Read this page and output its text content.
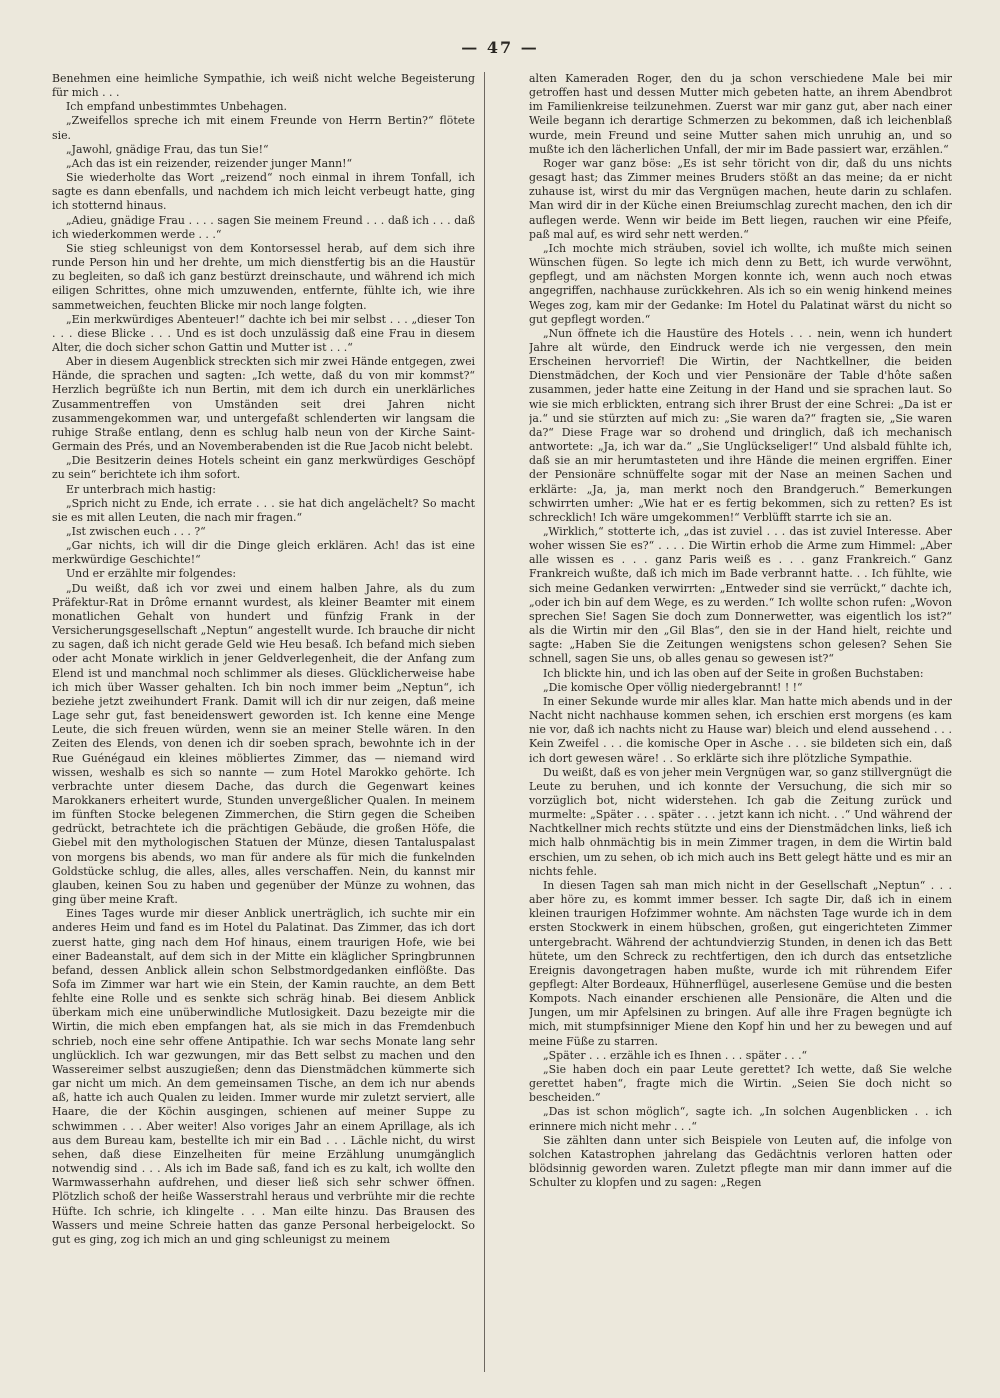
— 47 —

Benehmen eine heimliche Sympathie, ich weiß nicht welche Begeisterung für mich . . .

Ich empfand unbestimmtes Unbehagen.

„Zweifellos spreche ich mit einem Freunde von Herrn Bertin?“ flötete sie.

„Jawohl, gnädige Frau, das tun Sie!“

„Ach das ist ein reizender, reizender junger Mann!“

Sie wiederholte das Wort „reizend“ noch einmal in ihrem Tonfall, ich sagte es dann ebenfalls, und nachdem ich mich leicht verbeugt hatte, ging ich stotternd hinaus.

„Adieu, gnädige Frau . . . . sagen Sie meinem Freund . . . daß ich . . . daß ich wiederkommen werde . . .“

Sie stieg schleunigst von dem Kontorsessel herab, auf dem sich ihre runde Person hin und her drehte, um mich dienstfertig bis an die Haustür zu begleiten, so daß ich ganz bestürzt dreinschaute, und während ich mich eiligen Schrittes, ohne mich umzuwenden, entfernte, fühlte ich, wie ihre sammetweichen, feuchten Blicke mir noch lange folgten.

„Ein merkwürdiges Abenteuer!“ dachte ich bei mir selbst . . . „dieser Ton . . . diese Blicke . . . Und es ist doch unzulässig daß eine Frau in diesem Alter, die doch sicher schon Gattin und Mutter ist . . .“

Aber in diesem Augenblick streckten sich mir zwei Hände entgegen, zwei Hände, die sprachen und sagten: „Ich wette, daß du von mir kommst?“ Herzlich begrüßte ich nun Bertin, mit dem ich durch ein unerklärliches Zusammentreffen von Umständen seit drei Jahren nicht zusammengekommen war, und untergefaßt schlenderten wir langsam die ruhige Straße entlang, denn es schlug halb neun von der Kirche Saint-Germain des Prés, und an Novemberabenden ist die Rue Jacob nicht belebt.

„Die Besitzerin deines Hotels scheint ein ganz merkwürdiges Geschöpf zu sein“ berichtete ich ihm sofort.

Er unterbrach mich hastig:

„Sprich nicht zu Ende, ich errate . . . sie hat dich angelächelt? So macht sie es mit allen Leuten, die nach mir fragen.“

„Ist zwischen euch . . . ?“

„Gar nichts, ich will dir die Dinge gleich erklären. Ach! das ist eine merkwürdige Geschichte!“

Und er erzählte mir folgendes:

„Du weißt, daß ich vor zwei und einem halben Jahre, als du zum Präfektur-Rat in Drôme ernannt wurdest, als kleiner Beamter mit einem monatlichen Gehalt von hundert und fünfzig Frank in der Versicherungsgesellschaft „Neptun“ angestellt wurde. Ich brauche dir nicht zu sagen, daß ich nicht gerade Geld wie Heu besaß. Ich befand mich sieben oder acht Monate wirklich in jener Geldverlegenheit, die der Anfang zum Elend ist und manchmal noch schlimmer als dieses. Glücklicherweise habe ich mich über Wasser gehalten. Ich bin noch immer beim „Neptun“, ich beziehe jetzt zweihundert Frank. Damit will ich dir nur zeigen, daß meine Lage sehr gut, fast beneidenswert geworden ist. Ich kenne eine Menge Leute, die sich freuen würden, wenn sie an meiner Stelle wären. In den Zeiten des Elends, von denen ich dir soeben sprach, bewohnte ich in der Rue Guénégaud ein kleines möbliertes Zimmer, das — niemand wird wissen, weshalb es sich so nannte — zum Hotel Marokko gehörte. Ich verbrachte unter diesem Dache, das durch die Gegenwart keines Marokkaners erheitert wurde, Stunden unvergeßlicher Qualen. In meinem im fünften Stocke belegenen Zimmerchen, die Stirn gegen die Scheiben gedrückt, betrachtete ich die prächtigen Gebäude, die großen Höfe, die Giebel mit den mythologischen Statuen der Münze, diesen Tantaluspalast von morgens bis abends, wo man für andere als für mich die funkelnden Goldstücke schlug, die alles, alles, alles verschaffen. Nein, du kannst mir glauben, keinen Sou zu haben und gegenüber der Münze zu wohnen, das ging über meine Kraft.

Eines Tages wurde mir dieser Anblick unerträglich, ich suchte mir ein anderes Heim und fand es im Hotel du Palatinat. Das Zimmer, das ich dort zuerst hatte, ging nach dem Hof hinaus, einem traurigen Hofe, wie bei einer Badeanstalt, auf dem sich in der Mitte ein kläglicher Springbrunnen befand, dessen Anblick allein schon Selbstmordgedanken einflößte. Das Sofa im Zimmer war hart wie ein Stein, der Kamin rauchte, an dem Bett fehlte eine Rolle und es senkte sich schräg hinab. Bei diesem Anblick überkam mich eine unüberwindliche Mutlosigkeit. Dazu bezeigte mir die Wirtin, die mich eben empfangen hat, als sie mich in das Fremdenbuch schrieb, noch eine sehr offene Antipathie. Ich war sechs Monate lang sehr unglücklich. Ich war gezwungen, mir das Bett selbst zu machen und den Wassereimer selbst auszugießen; denn das Dienstmädchen kümmerte sich gar nicht um mich. An dem gemeinsamen Tische, an dem ich nur abends aß, hatte ich auch Qualen zu leiden. Immer wurde mir zuletzt serviert, alle Haare, die der Köchin ausgingen, schienen auf meiner Suppe zu schwimmen . . . Aber weiter! Also voriges Jahr an einem Aprillage, als ich aus dem Bureau kam, bestellte ich mir ein Bad . . . Lächle nicht, du wirst sehen, daß diese Einzelheiten für meine Erzählung unumgänglich notwendig sind . . . Als ich im Bade saß, fand ich es zu kalt, ich wollte den Warmwasserhahn aufdrehen, und dieser ließ sich sehr schwer öffnen. Plötzlich schoß der heiße Wasserstrahl heraus und verbrühte mir die rechte Hüfte. Ich schrie, ich klingelte . . . Man eilte hinzu. Das Brausen des Wassers und meine Schreie hatten das ganze Personal herbeigelockt. So gut es ging, zog ich mich an und ging schleunigst zu meinem

alten Kameraden Roger, den du ja schon verschiedene Male bei mir getroffen hast und dessen Mutter mich gebeten hatte, an ihrem Abendbrot im Familienkreise teilzunehmen. Zuerst war mir ganz gut, aber nach einer Weile begann ich derartige Schmerzen zu bekommen, daß ich leichenblaß wurde, mein Freund und seine Mutter sahen mich unruhig an, und so mußte ich den lächerlichen Unfall, der mir im Bade passiert war, erzählen.“

Roger war ganz böse: „Es ist sehr töricht von dir, daß du uns nichts gesagt hast; das Zimmer meines Bruders stößt an das meine; da er nicht zuhause ist, wirst du mir das Vergnügen machen, heute darin zu schlafen. Man wird dir in der Küche einen Breiumschlag zurecht machen, den ich dir auflegen werde. Wenn wir beide im Bett liegen, rauchen wir eine Pfeife, paß mal auf, es wird sehr nett werden.“

„Ich mochte mich sträuben, soviel ich wollte, ich mußte mich seinen Wünschen fügen. So legte ich mich denn zu Bett, ich wurde verwöhnt, gepflegt, und am nächsten Morgen konnte ich, wenn auch noch etwas angegriffen, nachhause zurückkehren. Als ich so ein wenig hinkend meines Weges zog, kam mir der Gedanke: Im Hotel du Palatinat wärst du nicht so gut gepflegt worden.“

„Nun öffnete ich die Haustüre des Hotels . . . nein, wenn ich hundert Jahre alt würde, den Eindruck werde ich nie vergessen, den mein Erscheinen hervorrief! Die Wirtin, der Nachtkellner, die beiden Dienstmädchen, der Koch und vier Pensionäre der Table d'hôte saßen zusammen, jeder hatte eine Zeitung in der Hand und sie sprachen laut. So wie sie mich erblickten, entrang sich ihrer Brust der eine Schrei: „Da ist er ja.“ und sie stürzten auf mich zu: „Sie waren da?“ fragten sie, „Sie waren da?“ Diese Frage war so drohend und dringlich, daß ich mechanisch antwortete: „Ja, ich war da.“ „Sie Unglückseliger!“ Und alsbald fühlte ich, daß sie an mir herumtasteten und ihre Hände die meinen ergriffen. Einer der Pensionäre schnüffelte sogar mit der Nase an meinen Sachen und erklärte: „Ja, ja, man merkt noch den Brandgeruch.“ Bemerkungen schwirrten umher: „Wie hat er es fertig bekommen, sich zu retten? Es ist schrecklich! Ich wäre umgekommen!“ Verblüfft starrte ich sie an.

„Wirklich,“ stotterte ich, „das ist zuviel . . . das ist zuviel Interesse. Aber woher wissen Sie es?“ . . . . Die Wirtin erhob die Arme zum Himmel: „Aber alle wissen es . . . ganz Paris weiß es . . . ganz Frankreich.“ Ganz Frankreich wußte, daß ich mich im Bade verbrannt hatte. . . Ich fühlte, wie sich meine Gedanken verwirrten: „Entweder sind sie verrückt,“ dachte ich, „oder ich bin auf dem Wege, es zu werden.“ Ich wollte schon rufen: „Wovon sprechen Sie! Sagen Sie doch zum Donnerwetter, was eigentlich los ist?“ als die Wirtin mir den „Gil Blas“, den sie in der Hand hielt, reichte und sagte: „Haben Sie die Zeitungen wenigstens schon gelesen? Sehen Sie schnell, sagen Sie uns, ob alles genau so gewesen ist?“

Ich blickte hin, und ich las oben auf der Seite in großen Buchstaben:

„Die komische Oper völlig niedergebrannt! ! !“

In einer Sekunde wurde mir alles klar. Man hatte mich abends und in der Nacht nicht nachhause kommen sehen, ich erschien erst morgens (es kam nie vor, daß ich nachts nicht zu Hause war) bleich und elend aussehend . . . Kein Zweifel . . . die komische Oper in Asche . . . sie bildeten sich ein, daß ich dort gewesen wäre! . . So erklärte sich ihre plötzliche Sympathie.

Du weißt, daß es von jeher mein Vergnügen war, so ganz stillvergnügt die Leute zu beruhen, und ich konnte der Versuchung, die sich mir so vorzüglich bot, nicht widerstehen. Ich gab die Zeitung zurück und murmelte: „Später . . . später . . . jetzt kann ich nicht. . .“ Und während der Nachtkellner mich rechts stützte und eins der Dienstmädchen links, ließ ich mich halb ohnmächtig bis in mein Zimmer tragen, in dem die Wirtin bald erschien, um zu sehen, ob ich mich auch ins Bett gelegt hätte und es mir an nichts fehle.

In diesen Tagen sah man mich nicht in der Gesellschaft „Neptun“ . . . aber höre zu, es kommt immer besser. Ich sagte Dir, daß ich in einem kleinen traurigen Hofzimmer wohnte. Am nächsten Tage wurde ich in dem ersten Stockwerk in einem hübschen, großen, gut eingerichteten Zimmer untergebracht. Während der achtundvierzig Stunden, in denen ich das Bett hütete, um den Schreck zu rechtfertigen, den ich durch das entsetzliche Ereignis davongetragen haben mußte, wurde ich mit rührendem Eifer gepflegt: Alter Bordeaux, Hühnerflügel, auserlesene Gemüse und die besten Kompots. Nach einander erschienen alle Pensionäre, die Alten und die Jungen, um mir Apfelsinen zu bringen. Auf alle ihre Fragen begnügte ich mich, mit stumpfsinniger Miene den Kopf hin und her zu bewegen und auf meine Füße zu starren.

„Später . . . erzähle ich es Ihnen . . . später . . .“

„Sie haben doch ein paar Leute gerettet? Ich wette, daß Sie welche gerettet haben“, fragte mich die Wirtin. „Seien Sie doch nicht so bescheiden.“

„Das ist schon möglich“, sagte ich. „In solchen Augenblicken . . ich erinnere mich nicht mehr . . .“

Sie zählten dann unter sich Beispiele von Leuten auf, die infolge von solchen Katastrophen jahrelang das Gedächtnis verloren hatten oder blödsinnig geworden waren. Zuletzt pflegte man mir dann immer auf die Schulter zu klopfen und zu sagen: „Regen
